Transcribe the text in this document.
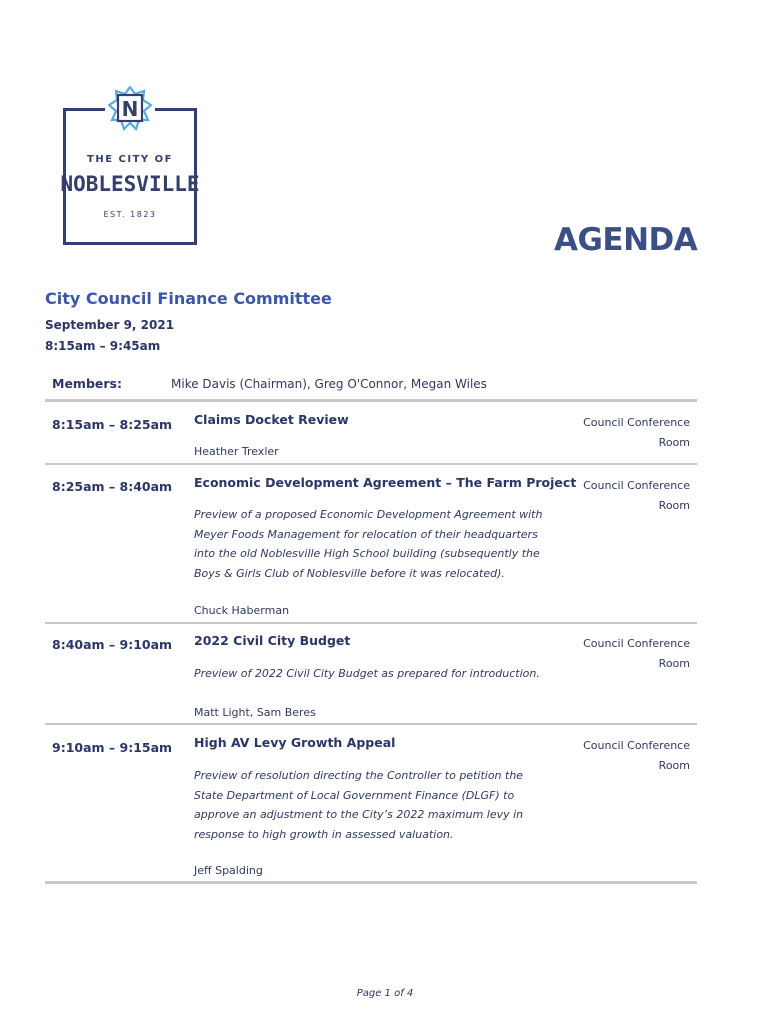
N
THE CITY OF
NOBLESVILLE
EST. 1823
AGENDA
City Council Finance Committee
September 9, 2021
8:15am – 9:45am
Members:	Mike Davis (Chairman), Greg O'Connor, Megan Wiles
8:15am – 8:25am Claims Docket Review
Heather Trexler
Council Conference Room
8:25am – 8:40am Economic Development Agreement – The Farm Project
Preview of a proposed Economic Development Agreement with Meyer Foods Management for relocation of their headquarters into the old Noblesville High School building (subsequently the Boys & Girls Club of Noblesville before it was relocated).
Chuck Haberman
Council Conference Room
8:40am – 9:10am 2022 Civil City Budget
Preview of 2022 Civil City Budget as prepared for introduction.
Matt Light, Sam Beres
Council Conference Room
9:10am – 9:15am High AV Levy Growth Appeal
Preview of resolution directing the Controller to petition the State Department of Local Government Finance (DLGF) to approve an adjustment to the City’s 2022 maximum levy in response to high growth in assessed valuation.
Jeff Spalding
Council Conference Room
Page 1 of 4
